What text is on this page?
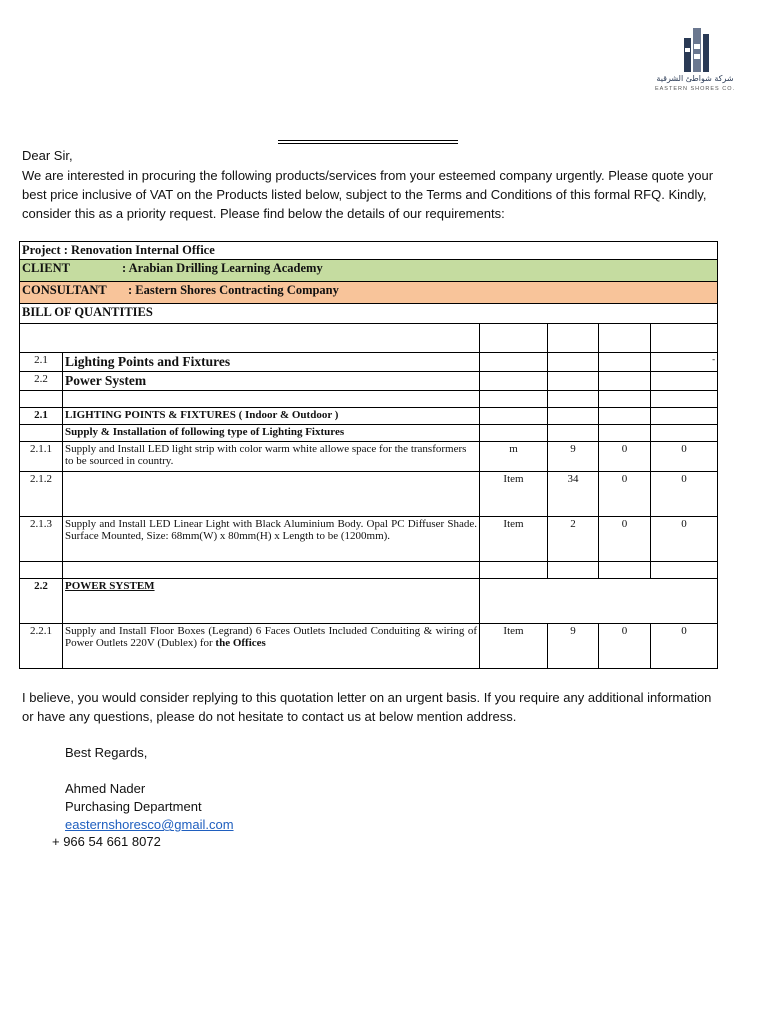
شركة شواطئ الشرقية
EASTERN SHORES CO.
Dear Sir,
We are interested in procuring the following products/services from your esteemed company urgently. Please quote your best price inclusive of VAT on the Products listed below, subject to the Terms and Conditions of this formal RFQ. Kindly, consider this as a priority request. Please find below the details of our requirements:
Project : Renovation Internal Office					
CLIENT : Arabian Drilling Learning Academy					
CONSULTANT : Eastern Shores Contracting Company					
BILL OF QUANTITIES					

2.1	Lighting Points and Fixtures				-
2.2	Power System				

2.1	LIGHTING POINTS & FIXTURES ( Indoor & Outdoor )				
	Supply & Installation of following type of Lighting Fixtures				
2.1.1	Supply and Install LED light strip with color warm white allowe space for the transformers to be sourced in country.	m	9	0	0
2.1.2		Item	34	0	0
2.1.3	Supply and Install LED Linear Light with Black Aluminium Body. Opal PC Diffuser Shade. Surface Mounted, Size: 68mm(W) x 80mm(H) x Length to be (1200mm).	Item	2	0	0

2.2	POWER SYSTEM				
2.2.1	Supply and Install Floor Boxes (Legrand) 6 Faces Outlets Included Conduiting & wiring of Power Outlets 220V (Dublex) for the Offices	Item	9	0	0
I believe, you would consider replying to this quotation letter on an urgent basis. If you require any additional information or have any questions, please do not hesitate to contact us at below mention address.
Best Regards,
Ahmed Nader
Purchasing Department
easternshoresco@gmail.com
+ 966 54 661 8072
